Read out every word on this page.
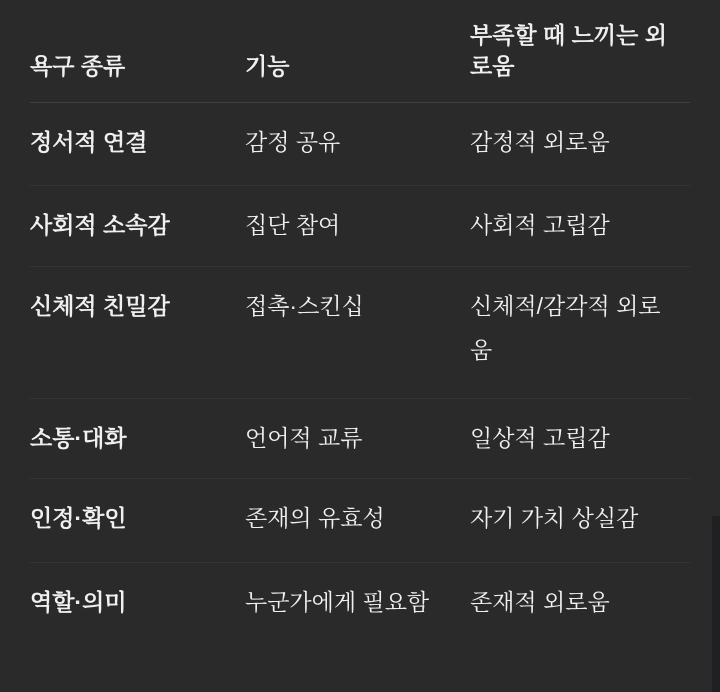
욕구 종류	기능	부족할 때 느끼는 외로움
정서적 연결	감정 공유	감정적 외로움
사회적 소속감	집단 참여	사회적 고립감
신체적 친밀감	접촉·스킨십	신체적/감각적 외로움
소통·대화	언어적 교류	일상적 고립감
인정·확인	존재의 유효성	자기 가치 상실감
역할·의미	누군가에게 필요함	존재적 외로움
